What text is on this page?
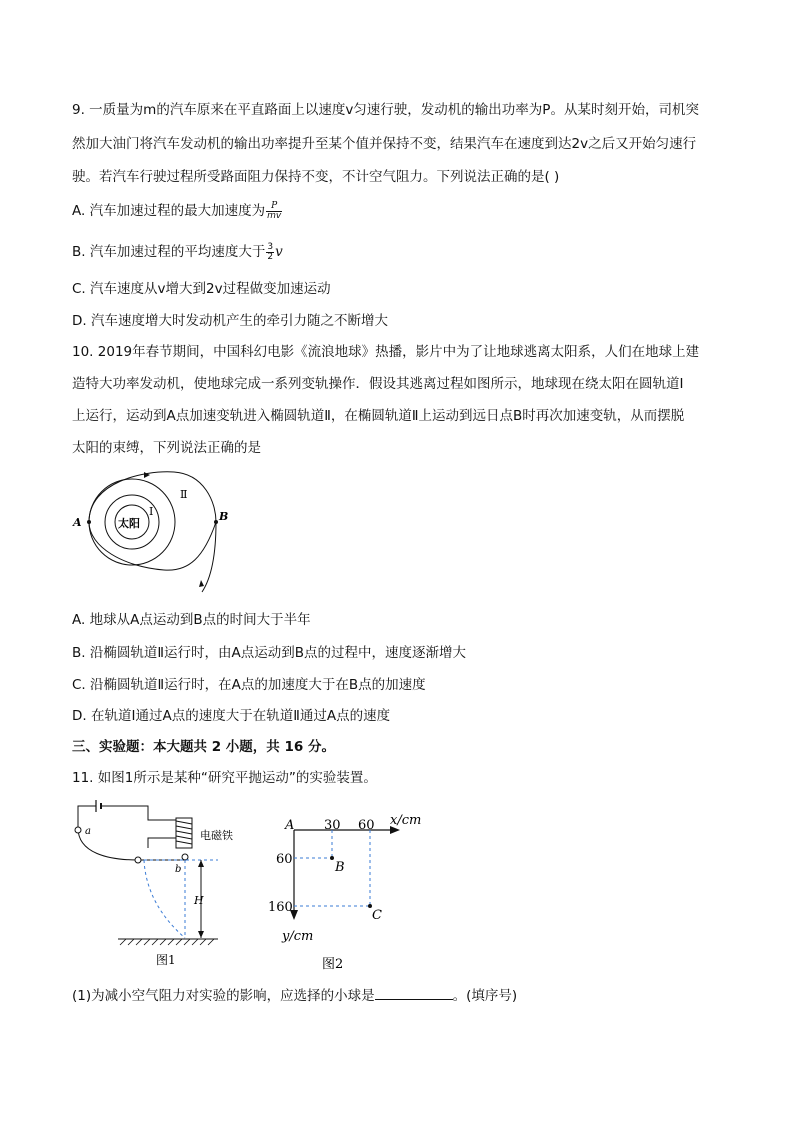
9. 一质量为m的汽车原来在平直路面上以速度v匀速行驶，发动机的输出功率为P。从某时刻开始，司机突
然加大油门将汽车发动机的输出功率提升至某个值并保持不变，结果汽车在速度到达2v之后又开始匀速行
驶。若汽车行驶过程所受路面阻力保持不变，不计空气阻力。下列说法正确的是( )
A. 汽车加速过程的最大加速度为 $\frac{P}{mv}$
B. 汽车加速过程的平均速度大于 $\frac{3}{2}$ v
C. 汽车速度从v增大到2v过程做变加速运动
D. 汽车速度增大时发动机产生的牵引力随之不断增大
10. 2019年春节期间，中国科幻电影《流浪地球》热播，影片中为了让地球逃离太阳系，人们在地球上建
造特大功率发动机，使地球完成一系列变轨操作．假设其逃离过程如图所示，地球现在绕太阳在圆轨道Ⅰ
上运行，运动到A点加速变轨进入椭圆轨道Ⅱ，在椭圆轨道Ⅱ上运动到远日点B时再次加速变轨，从而摆脱
太阳的束缚，下列说法正确的是
太阳
Ⅰ
Ⅱ
A	B
A. 地球从A点运动到B点的时间大于半年
B. 沿椭圆轨道Ⅱ运行时，由A点运动到B点的过程中，速度逐渐增大
C. 沿椭圆轨道Ⅱ运行时，在A点的加速度大于在B点的加速度
D. 在轨道Ⅰ通过A点的速度大于在轨道Ⅱ通过A点的速度
三、实验题：本大题共 2 小题，共 16 分。
11. 如图1所示是某种“研究平抛运动”的实验装置。
电磁铁
a
b
H
图1
A 30 60 x/cm
60
160
y/cm
B
C
图2
(1)为减小空气阻力对实验的影响，应选择的小球是	。(填序号)
